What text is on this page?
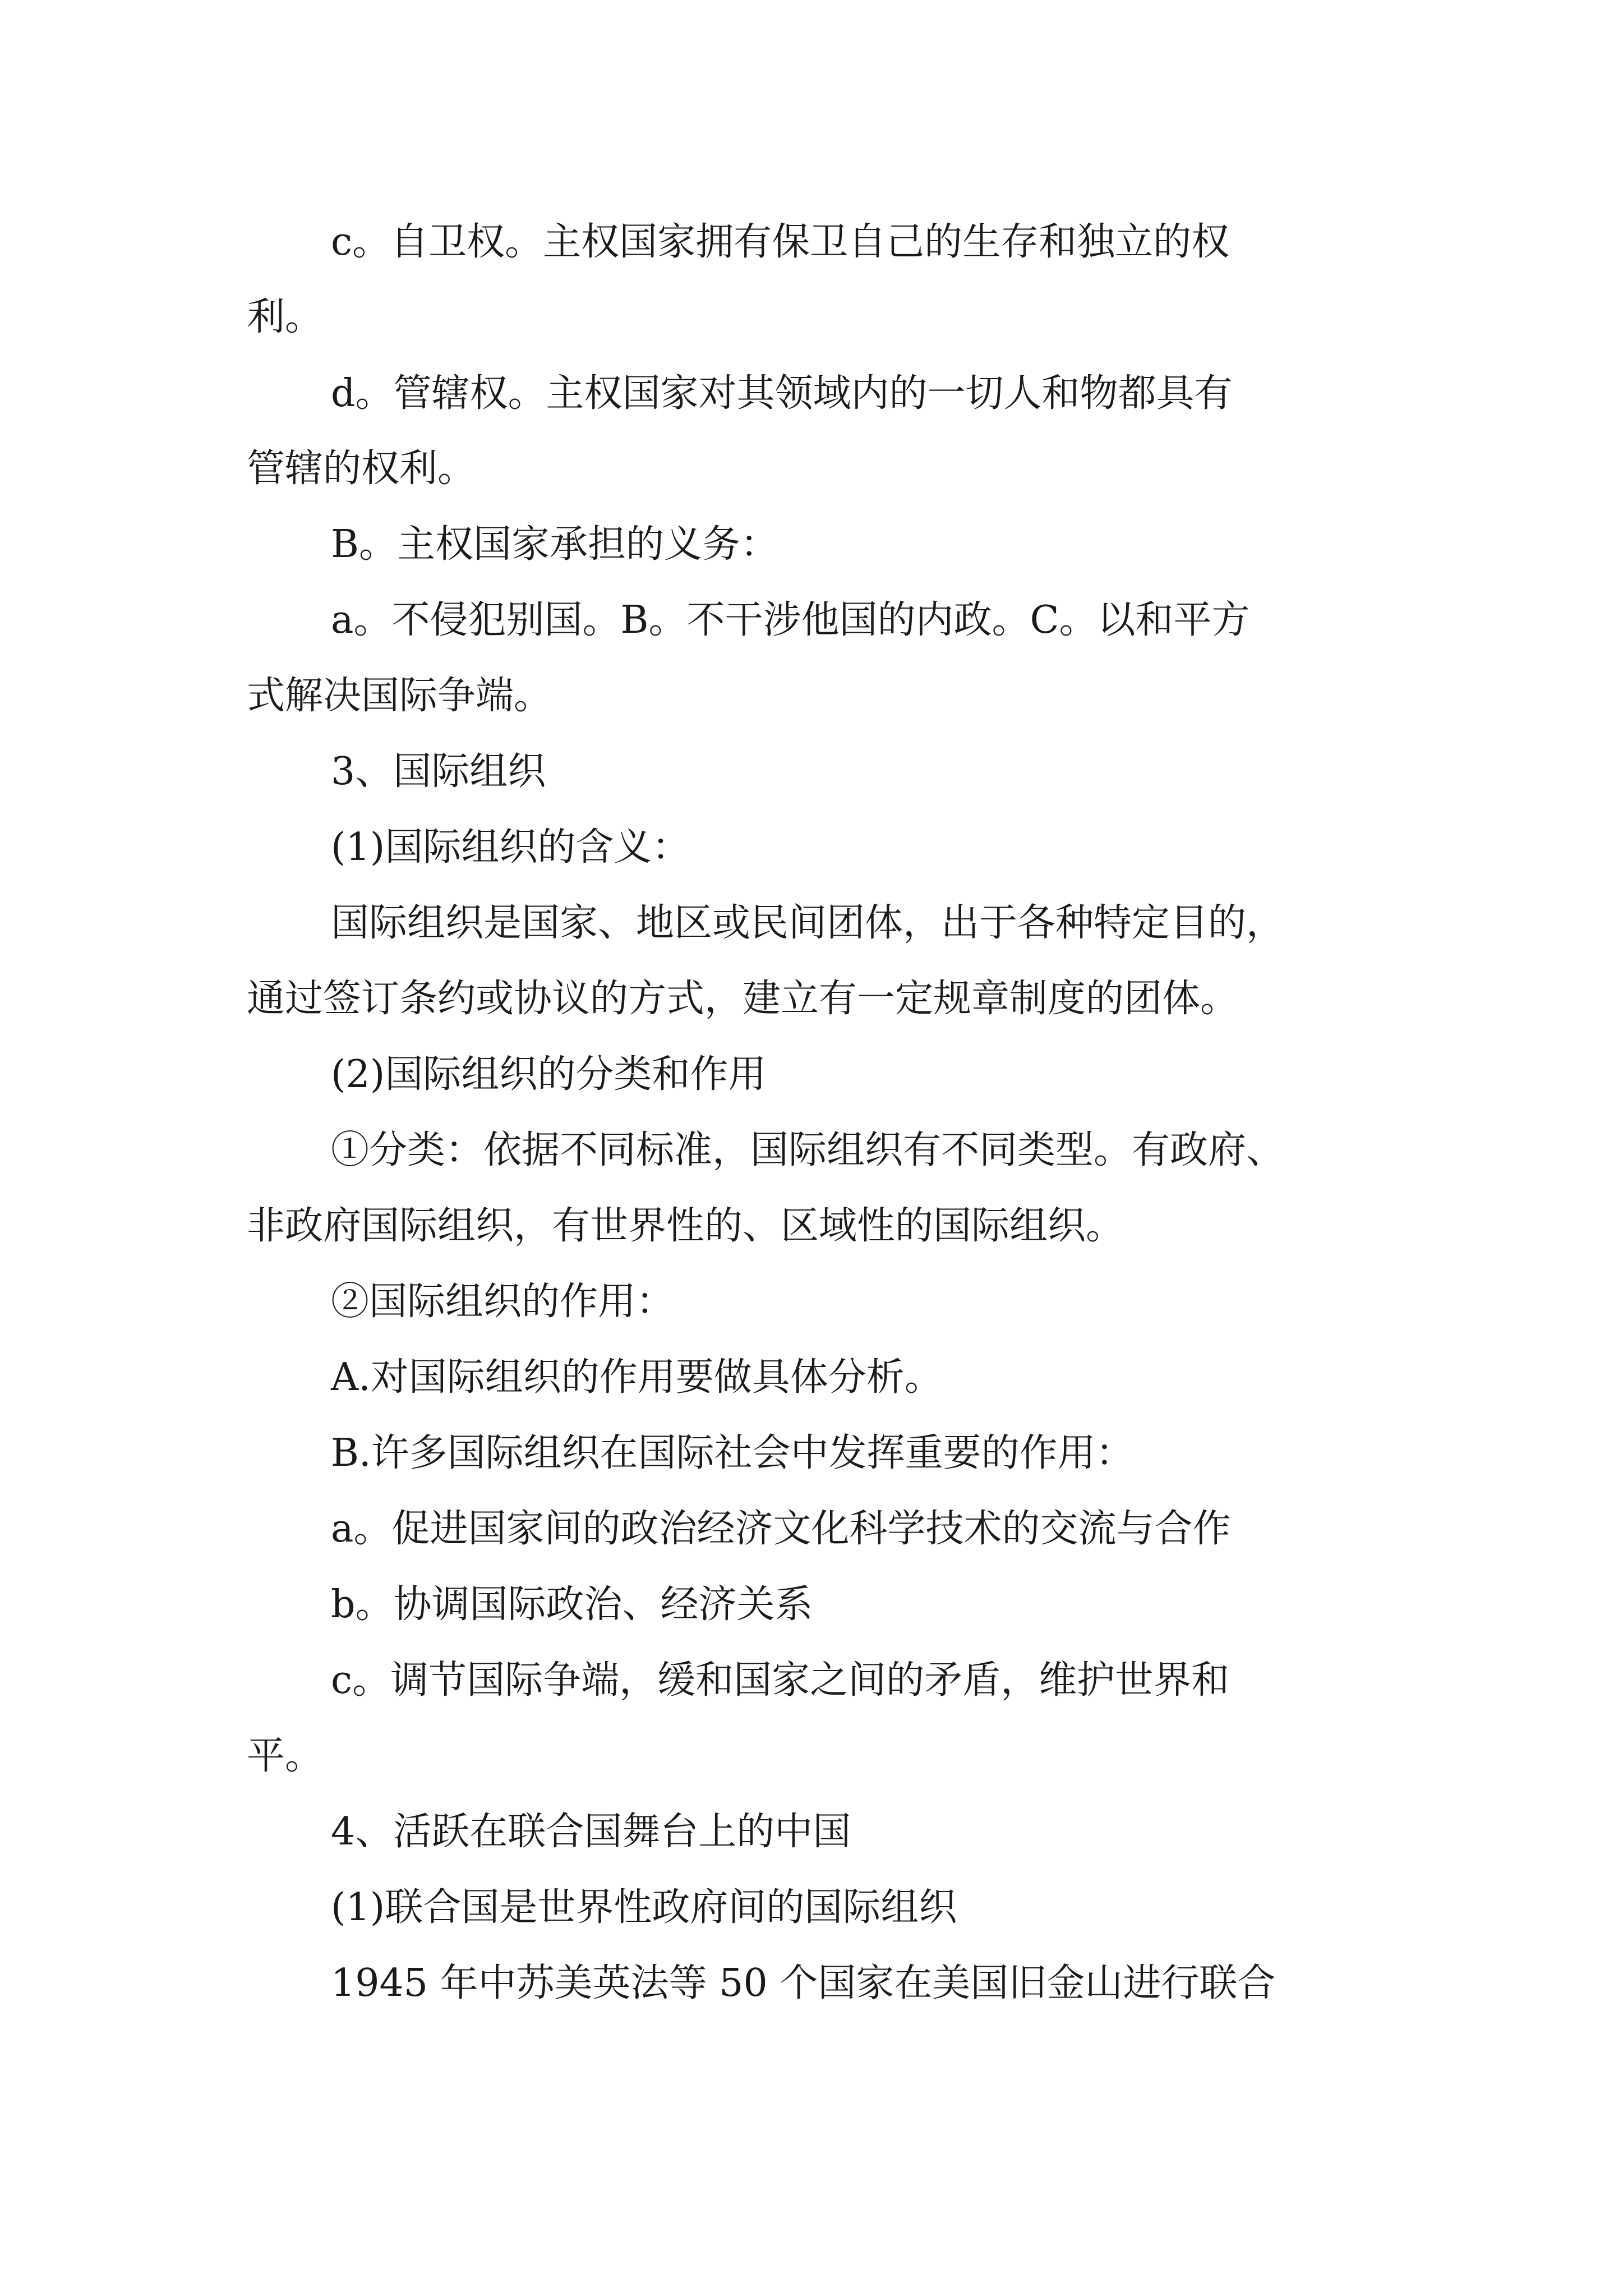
c。自卫权。主权国家拥有保卫自己的生存和独立的权

利。

d。管辖权。主权国家对其领域内的一切人和物都具有

管辖的权利。

B。主权国家承担的义务：

a。不侵犯别国。B。不干涉他国的内政。C。以和平方

式解决国际争端。

3、国际组织

(1)国际组织的含义：

国际组织是国家、地区或民间团体，出于各种特定目的，

通过签订条约或协议的方式，建立有一定规章制度的团体。

(2)国际组织的分类和作用

①分类：依据不同标准，国际组织有不同类型。有政府、

非政府国际组织，有世界性的、区域性的国际组织。

②国际组织的作用：

A.对国际组织的作用要做具体分析。

B.许多国际组织在国际社会中发挥重要的作用：

a。促进国家间的政治经济文化科学技术的交流与合作

b。协调国际政治、经济关系

c。调节国际争端，缓和国家之间的矛盾，维护世界和

平。

4、活跃在联合国舞台上的中国

(1)联合国是世界性政府间的国际组织

1945 年中苏美英法等 50 个国家在美国旧金山进行联合
